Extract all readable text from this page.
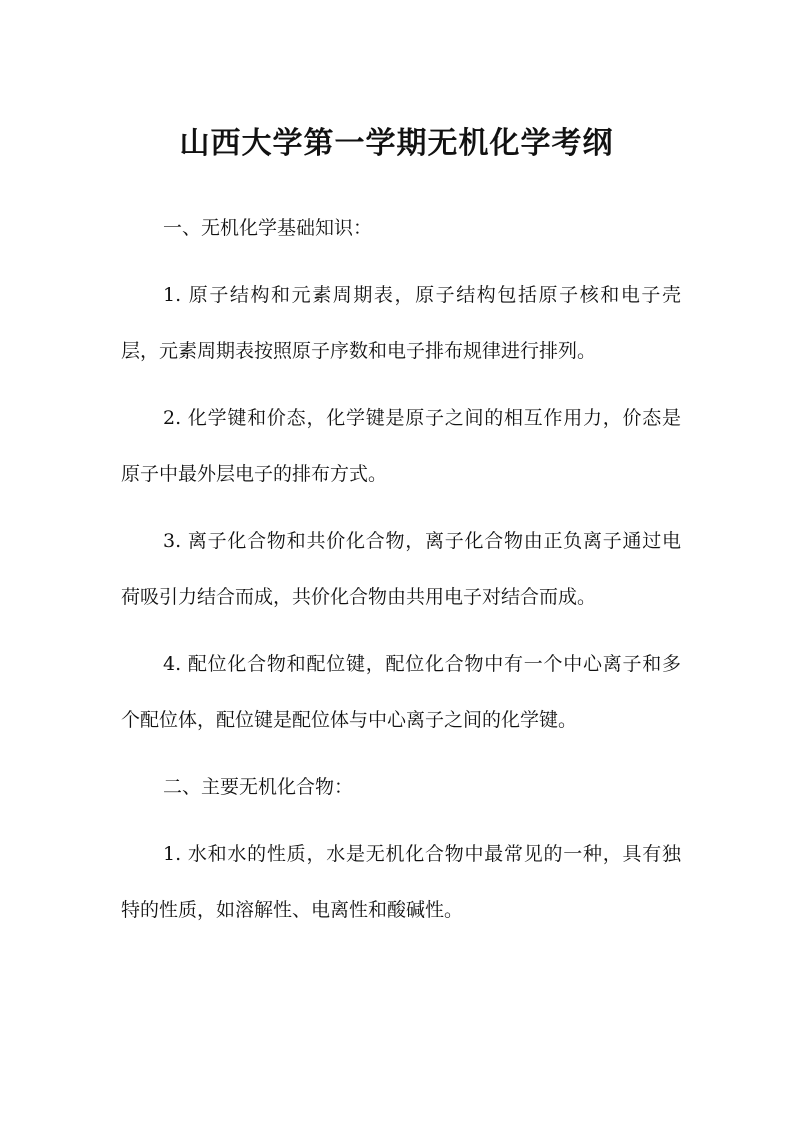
山西大学第一学期无机化学考纲

一、无机化学基础知识：

1. 原子结构和元素周期表，原子结构包括原子核和电子壳层，元素周期表按照原子序数和电子排布规律进行排列。

2. 化学键和价态，化学键是原子之间的相互作用力，价态是原子中最外层电子的排布方式。

3. 离子化合物和共价化合物，离子化合物由正负离子通过电荷吸引力结合而成，共价化合物由共用电子对结合而成。

4. 配位化合物和配位键，配位化合物中有一个中心离子和多个配位体，配位键是配位体与中心离子之间的化学键。

二、主要无机化合物：

1. 水和水的性质，水是无机化合物中最常见的一种，具有独特的性质，如溶解性、电离性和酸碱性。
